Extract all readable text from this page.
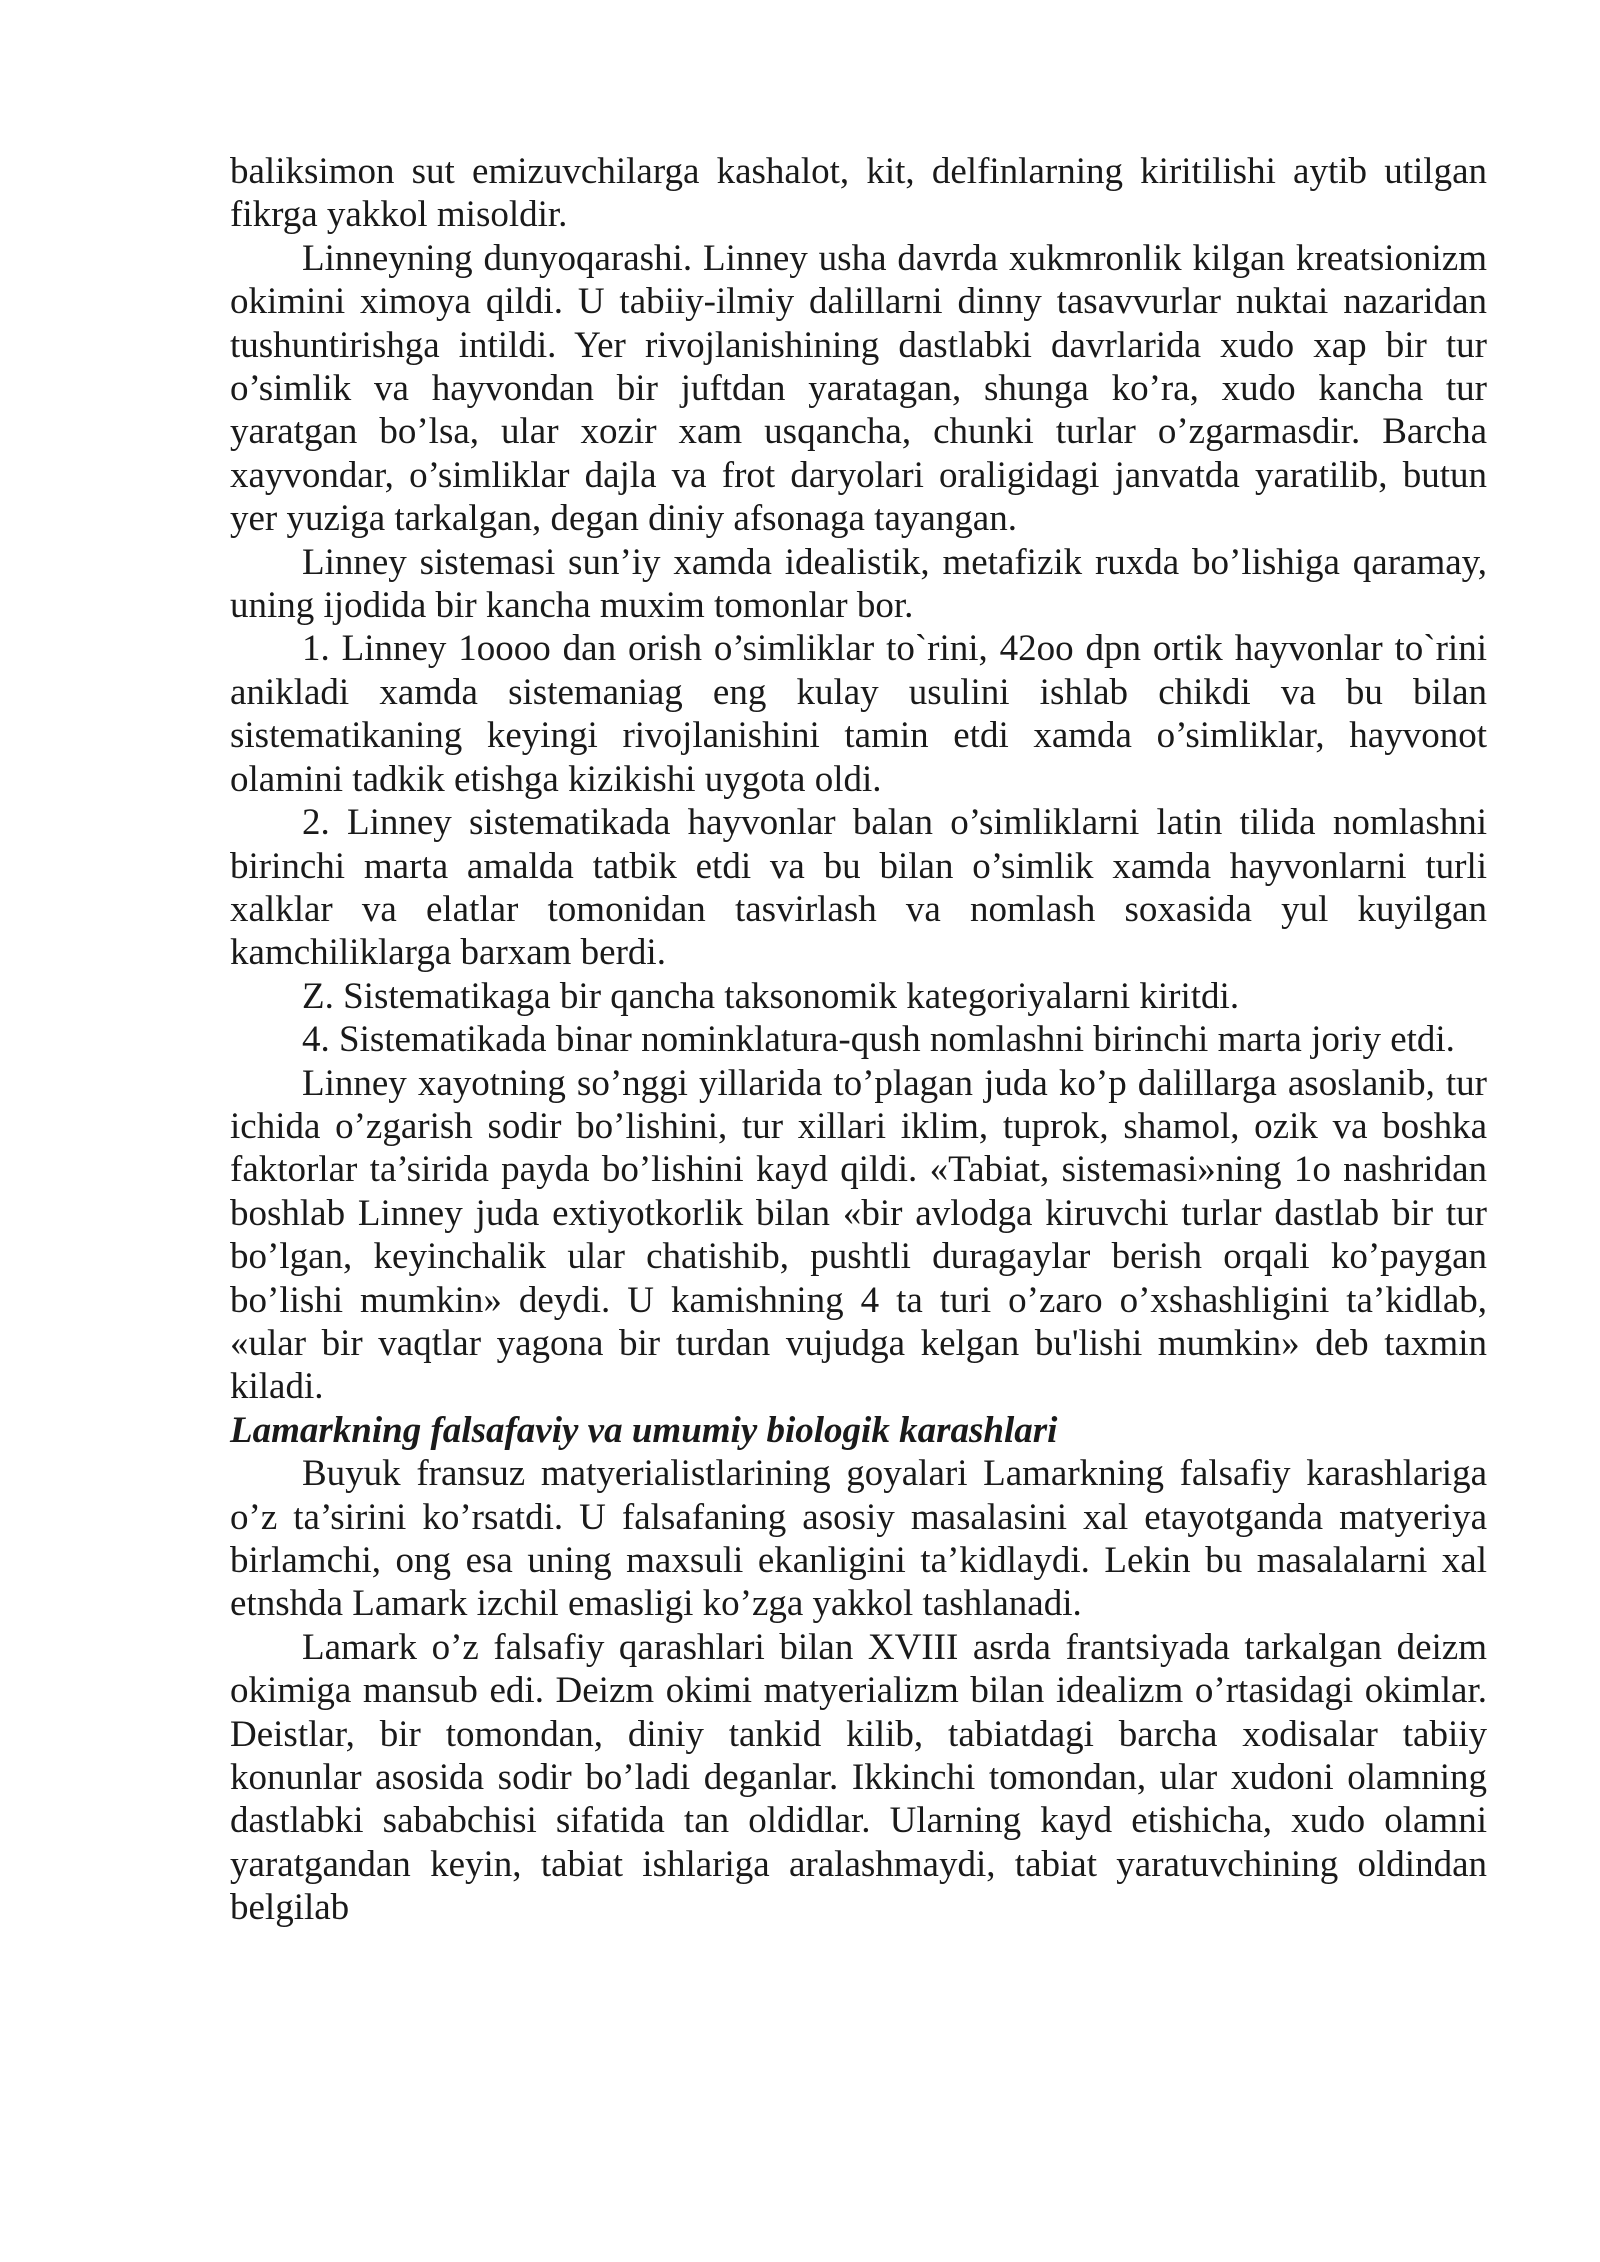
baliksimon sut emizuvchilarga kashalot, kit, delfinlarning kiritilishi aytib utilgan fikrga yakkol misoldir.

Linneyning dunyoqarashi. Linney usha davrda xukmronlik kilgan kreatsionizm okimini ximoya qildi. U tabiiy-ilmiy dalillarni dinny tasavvurlar nuktai nazaridan tushuntirishga intildi. Yer rivojlanishining dastlabki davrlarida xudo xap bir tur o’simlik va hayvondan bir juftdan yaratagan, shunga ko’ra, xudo kancha tur yaratgan bo’lsa, ular xozir xam usqancha, chunki turlar o’zgarmasdir. Barcha xayvondar, o’simliklar dajla va frot daryolari oraligidagi janvatda yaratilib, butun yer yuziga tarkalgan, degan diniy afsonaga tayangan.

Linney sistemasi sun’iy xamda idealistik, metafizik ruxda bo’lishiga qaramay, uning ijodida bir kancha muxim tomonlar bor.

1. Linney 1oooo dan orish o’simliklar to`rini, 42oo dpn ortik hayvonlar to`rini anikladi xamda sistemaniag eng kulay usulini ishlab chikdi va bu bilan sistematikaning keyingi rivojlanishini tamin etdi xamda o’simliklar, hayvonot olamini tadkik etishga kizikishi uygota oldi.

2. Linney sistematikada hayvonlar balan o’simliklarni latin tilida nomlashni birinchi marta amalda tatbik etdi va bu bilan o’simlik xamda hayvonlarni turli xalklar va elatlar tomonidan tasvirlash va nomlash soxasida yul kuyilgan kamchiliklarga barxam berdi.

Z. Sistematikaga bir qancha taksonomik kategoriyalarni kiritdi.

4. Sistematikada binar nominklatura-qush nomlashni birinchi marta joriy etdi.

Linney xayotning so’nggi yillarida to’plagan juda ko’p dalillarga asoslanib, tur ichida o’zgarish sodir bo’lishini, tur xillari iklim, tuprok, shamol, ozik va boshka faktorlar ta’sirida payda bo’lishini kayd qildi. «Tabiat, sistemasi»ning 1o nashridan boshlab Linney juda extiyotkorlik bilan «bir avlodga kiruvchi turlar dastlab bir tur bo’lgan, keyinchalik ular chatishib, pushtli duragaylar berish orqali ko’paygan bo’lishi mumkin» deydi. U kamishning 4 ta turi o’zaro o’xshashligini ta’kidlab, «ular bir vaqtlar yagona bir turdan vujudga kelgan bu'lishi mumkin» deb taxmin kiladi.

Lamarkning falsafaviy va umumiy biologik karashlari

Buyuk fransuz matyerialistlarining goyalari Lamarkning falsafiy karashlariga o’z ta’sirini ko’rsatdi. U falsafaning asosiy masalasini xal etayotganda matyeriya birlamchi, ong esa uning maxsuli ekanligini ta’kidlaydi. Lekin bu masalalarni xal etnshda Lamark izchil emasligi ko’zga yakkol tashlanadi.

Lamark o’z falsafiy qarashlari bilan XVIII asrda frantsiyada tarkalgan deizm okimiga mansub edi. Deizm okimi matyerializm bilan idealizm o’rtasidagi okimlar. Deistlar, bir tomondan, diniy tankid kilib, tabiatdagi barcha xodisalar tabiiy konunlar asosida sodir bo’ladi deganlar. Ikkinchi tomondan, ular xudoni olamning dastlabki sababchisi sifatida tan oldidlar. Ularning kayd etishicha, xudo olamni yaratgandan keyin, tabiat ishlariga aralashmaydi, tabiat yaratuvchining oldindan belgilab
